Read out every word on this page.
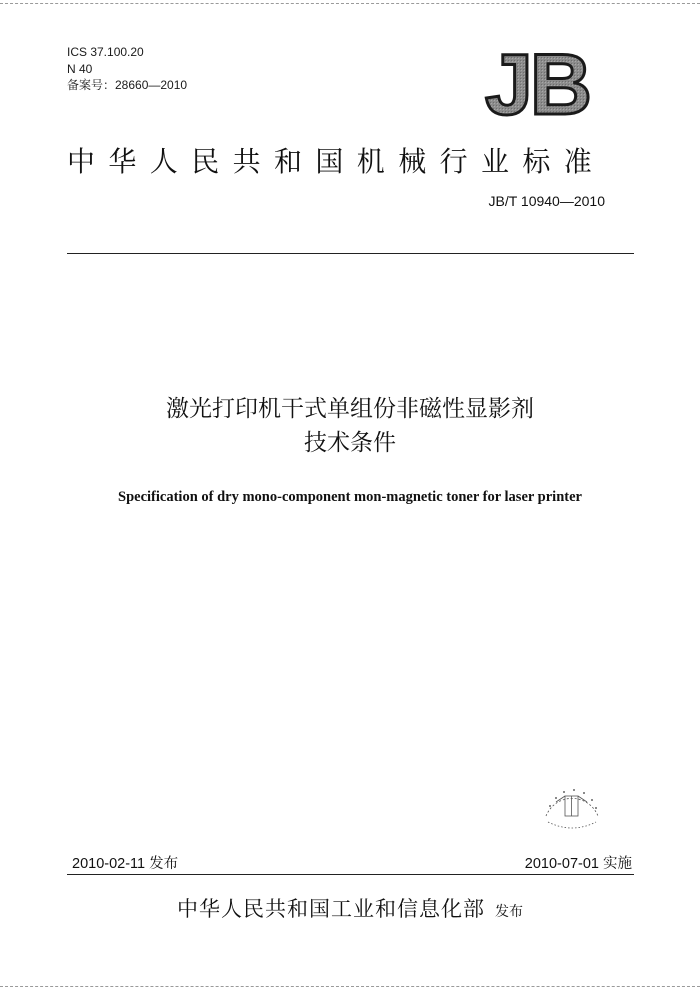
ICS 37.100.20
N 40
备案号：28660—2010	JB
中华人民共和国机械行业标准
JB/T 10940—2010
激光打印机干式单组份非磁性显影剂
技术条件
Specification of dry mono-component mon-magnetic toner for laser printer
2010-02-11 发布	2010-07-01 实施
中华人民共和国工业和信息化部 发布
